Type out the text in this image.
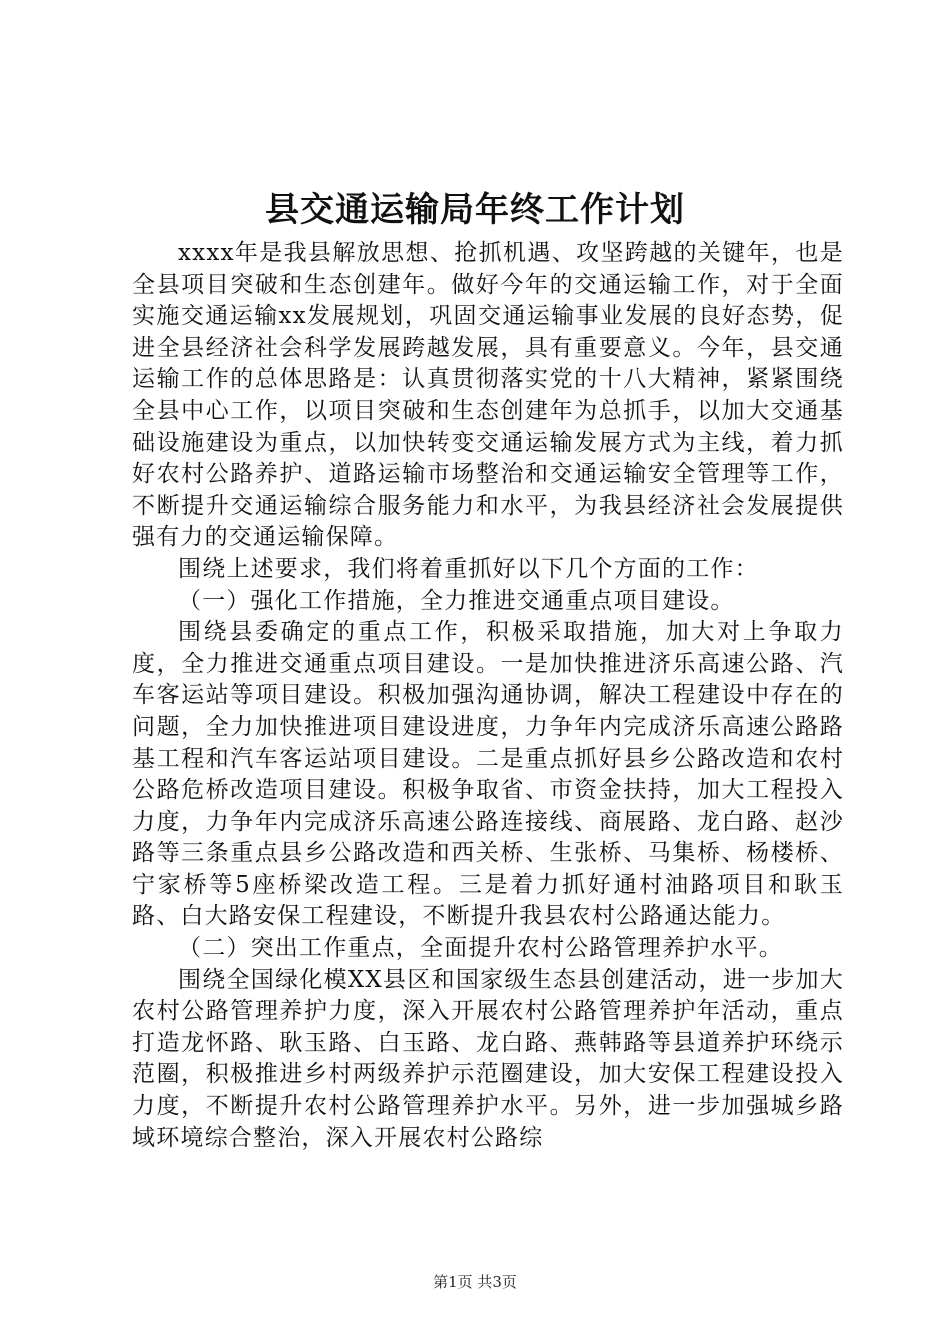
县交通运输局年终工作计划

xxxx年是我县解放思想、抢抓机遇、攻坚跨越的关键年，也是全县项目突破和生态创建年。做好今年的交通运输工作，对于全面实施交通运输xx发展规划，巩固交通运输事业发展的良好态势，促进全县经济社会科学发展跨越发展，具有重要意义。今年，县交通运输工作的总体思路是：认真贯彻落实党的十八大精神，紧紧围绕全县中心工作，以项目突破和生态创建年为总抓手，以加大交通基础设施建设为重点，以加快转变交通运输发展方式为主线，着力抓好农村公路养护、道路运输市场整治和交通运输安全管理等工作，不断提升交通运输综合服务能力和水平，为我县经济社会发展提供强有力的交通运输保障。

围绕上述要求，我们将着重抓好以下几个方面的工作：

（一）强化工作措施，全力推进交通重点项目建设。

围绕县委确定的重点工作，积极采取措施，加大对上争取力度，全力推进交通重点项目建设。一是加快推进济乐高速公路、汽车客运站等项目建设。积极加强沟通协调，解决工程建设中存在的问题，全力加快推进项目建设进度，力争年内完成济乐高速公路路基工程和汽车客运站项目建设。二是重点抓好县乡公路改造和农村公路危桥改造项目建设。积极争取省、市资金扶持，加大工程投入力度，力争年内完成济乐高速公路连接线、商展路、龙白路、赵沙路等三条重点县乡公路改造和西关桥、生张桥、马集桥、杨楼桥、宁家桥等5座桥梁改造工程。三是着力抓好通村油路项目和耿玉路、白大路安保工程建设，不断提升我县农村公路通达能力。

（二）突出工作重点，全面提升农村公路管理养护水平。

围绕全国绿化模XX县区和国家级生态县创建活动，进一步加大农村公路管理养护力度，深入开展农村公路管理养护年活动，重点打造龙怀路、耿玉路、白玉路、龙白路、燕韩路等县道养护环绕示范圈，积极推进乡村两级养护示范圈建设，加大安保工程建设投入力度，不断提升农村公路管理养护水平。另外，进一步加强城乡路域环境综合整治，深入开展农村公路综

第1页 共3页
